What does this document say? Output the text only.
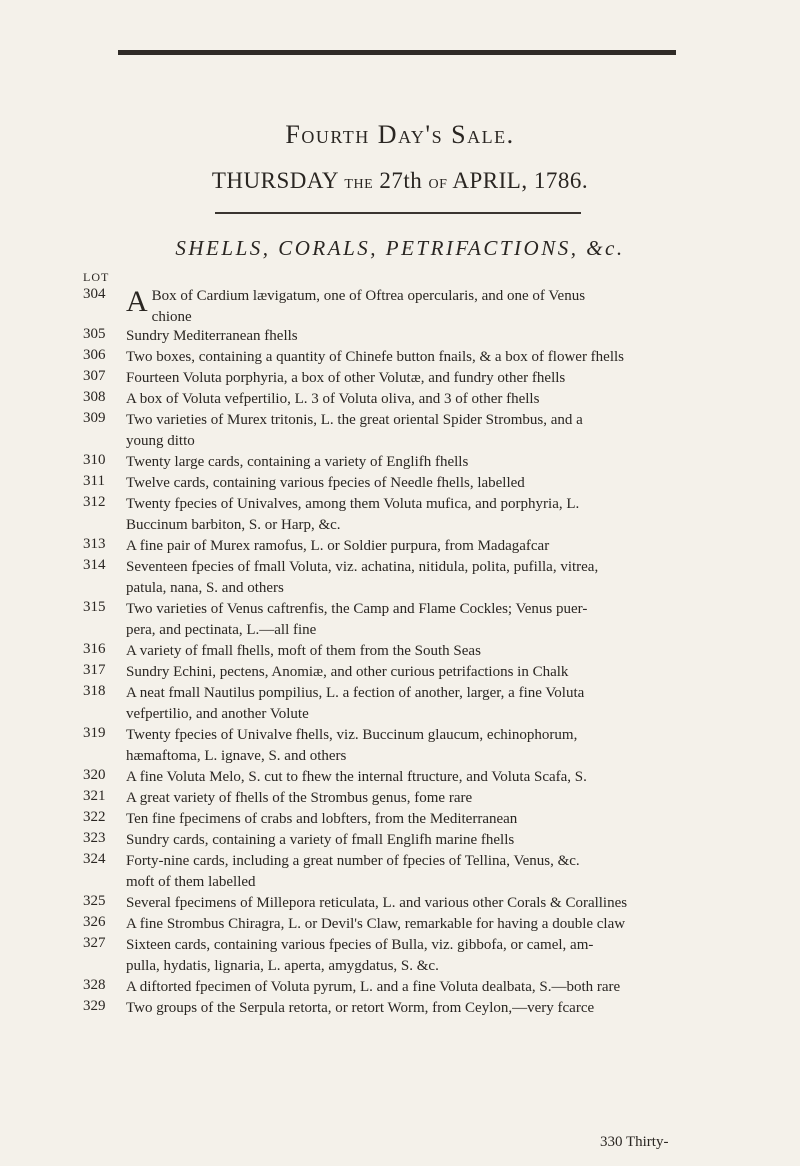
Fourth Day's Sale.
THURSDAY the 27th of APRIL, 1786.
SHELLS, CORALS, PETRIFACTIONS, &c.
LOT
304 A Box of Cardium lævigatum, one of Oftrea opercularis, and one of Venus
chione
305	Sundry Mediterranean fhells
306	Two boxes, containing a quantity of Chinefe button fnails, & a box of flower fhells
307	Fourteen Voluta porphyria, a box of other Volutæ, and fundry other fhells
308	A box of Voluta vefpertilio, L. 3 of Voluta oliva, and 3 of other fhells
309	Two varieties of Murex tritonis, L. the great oriental Spider Strombus, and a
young ditto
310	Twenty large cards, containing a variety of Englifh fhells
311	Twelve cards, containing various fpecies of Needle fhells, labelled
312	Twenty fpecies of Univalves, among them Voluta mufica, and porphyria, L.
Buccinum barbiton, S. or Harp, &c.
313	A fine pair of Murex ramofus, L. or Soldier purpura, from Madagafcar
314	Seventeen fpecies of fmall Voluta, viz. achatina, nitidula, polita, pufilla, vitrea,
patula, nana, S. and others
315	Two varieties of Venus caftrenfis, the Camp and Flame Cockles; Venus puer-
pera, and pectinata, L.—all fine
316	A variety of fmall fhells, moft of them from the South Seas
317	Sundry Echini, pectens, Anomiæ, and other curious petrifactions in Chalk
318	A neat fmall Nautilus pompilius, L. a fection of another, larger, a fine Voluta
vefpertilio, and another Volute
319	Twenty fpecies of Univalve fhells, viz. Buccinum glaucum, echinophorum,
hæmaftoma, L. ignave, S. and others
320	A fine Voluta Melo, S. cut to fhew the internal ftructure, and Voluta Scafa, S.
321	A great variety of fhells of the Strombus genus, fome rare
322	Ten fine fpecimens of crabs and lobfters, from the Mediterranean
323	Sundry cards, containing a variety of fmall Englifh marine fhells
324	Forty-nine cards, including a great number of fpecies of Tellina, Venus, &c.
moft of them labelled
325	Several fpecimens of Millepora reticulata, L. and various other Corals & Corallines
326	A fine Strombus Chiragra, L. or Devil's Claw, remarkable for having a double claw
327	Sixteen cards, containing various fpecies of Bulla, viz. gibbofa, or camel, am-
pulla, hydatis, lignaria, L. aperta, amygdatus, S. &c.
328	A diftorted fpecimen of Voluta pyrum, L. and a fine Voluta dealbata, S.—both rare
329	Two groups of the Serpula retorta, or retort Worm, from Ceylon,—very fcarce
330 Thirty-
